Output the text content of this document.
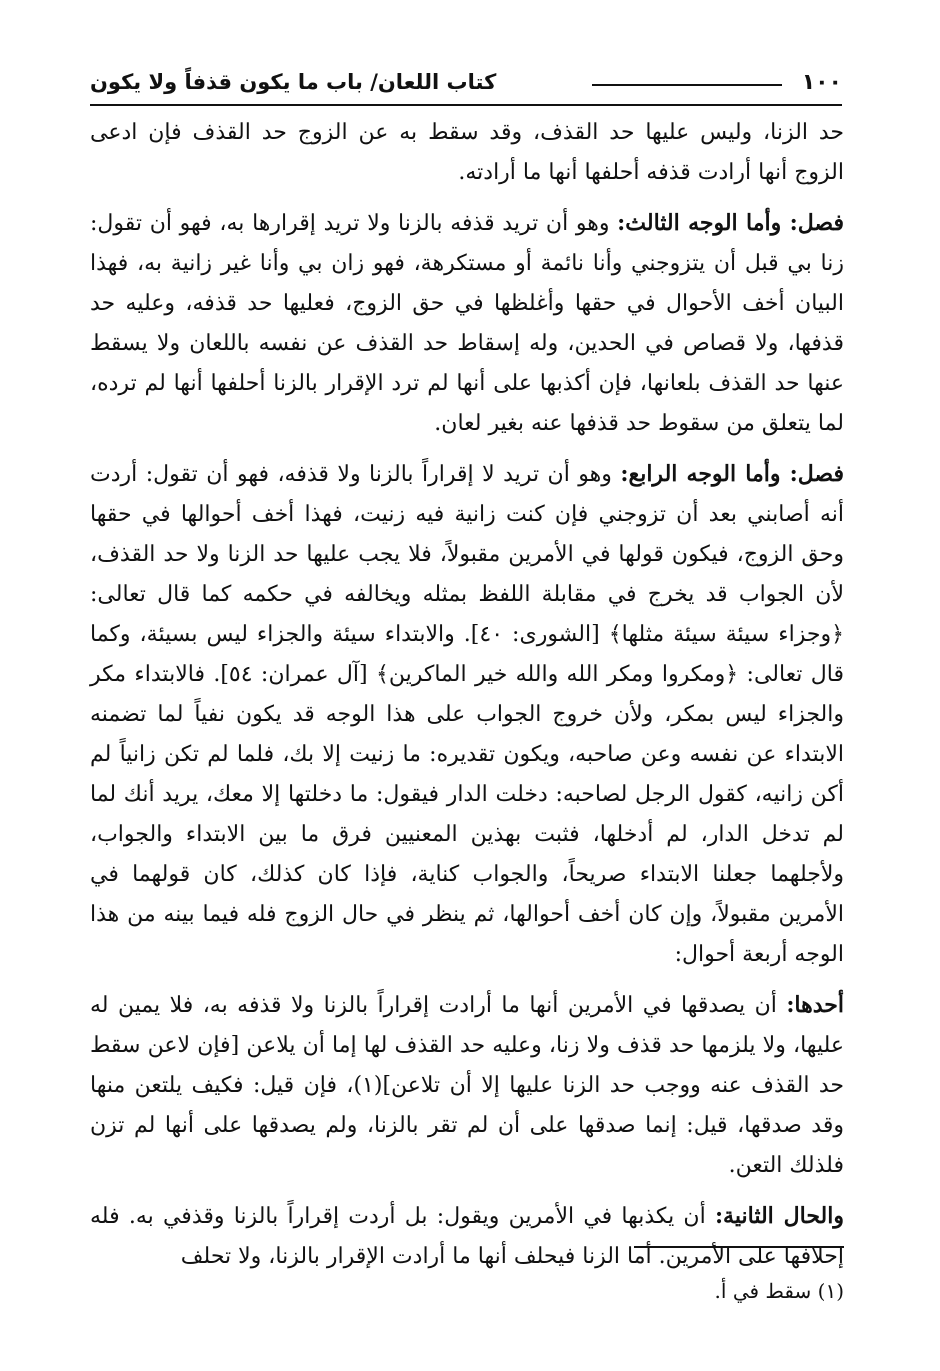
١٠٠
كتاب اللعان/ باب ما يكون قذفاً ولا يكون

حد الزنا، وليس عليها حد القذف، وقد سقط به عن الزوج حد القذف فإن ادعى الزوج أنها أرادت قذفه أحلفها أنها ما أرادته.

فصل: وأما الوجه الثالث: وهو أن تريد قذفه بالزنا ولا تريد إقرارها به، فهو أن تقول: زنا بي قبل أن يتزوجني وأنا نائمة أو مستكرهة، فهو زان بي وأنا غير زانية به، فهذا البيان أخف الأحوال في حقها وأغلظها في حق الزوج، فعليها حد قذفه، وعليه حد قذفها، ولا قصاص في الحدين، وله إسقاط حد القذف عن نفسه باللعان ولا يسقط عنها حد القذف بلعانها، فإن أكذبها على أنها لم ترد الإقرار بالزنا أحلفها أنها لم ترده، لما يتعلق من سقوط حد قذفها عنه بغير لعان.

فصل: وأما الوجه الرابع: وهو أن تريد لا إقراراً بالزنا ولا قذفه، فهو أن تقول: أردت أنه أصابني بعد أن تزوجني فإن كنت زانية فيه زنيت، فهذا أخف أحوالها في حقها وحق الزوج، فيكون قولها في الأمرين مقبولاً، فلا يجب عليها حد الزنا ولا حد القذف، لأن الجواب قد يخرج في مقابلة اللفظ بمثله ويخالفه في حكمه كما قال تعالى: ﴿وجزاء سيئة سيئة مثلها﴾ [الشورى: ٤٠]. والابتداء سيئة والجزاء ليس بسيئة، وكما قال تعالى: ﴿ومكروا ومكر الله والله خير الماكرين﴾ [آل عمران: ٥٤]. فالابتداء مكر والجزاء ليس بمكر، ولأن خروج الجواب على هذا الوجه قد يكون نفياً لما تضمنه الابتداء عن نفسه وعن صاحبه، ويكون تقديره: ما زنيت إلا بك، فلما لم تكن زانياً لم أكن زانيه، كقول الرجل لصاحبه: دخلت الدار فيقول: ما دخلتها إلا معك، يريد أنك لما لم تدخل الدار، لم أدخلها، فثبت بهذين المعنيين فرق ما بين الابتداء والجواب، ولأجلهما جعلنا الابتداء صريحاً، والجواب كناية، فإذا كان كذلك، كان قولهما في الأمرين مقبولاً، وإن كان أخف أحوالها، ثم ينظر في حال الزوج فله فيما بينه من هذا الوجه أربعة أحوال:

أحدها: أن يصدقها في الأمرين أنها ما أرادت إقراراً بالزنا ولا قذفه به، فلا يمين له عليها، ولا يلزمها حد قذف ولا زنا، وعليه حد القذف لها إما أن يلاعن [فإن لاعن سقط حد القذف عنه ووجب حد الزنا عليها إلا أن تلاعن](١)، فإن قيل: فكيف يلتعن منها وقد صدقها، قيل: إنما صدقها على أن لم تقر بالزنا، ولم يصدقها على أنها لم تزن فلذلك التعن.

والحال الثانية: أن يكذبها في الأمرين ويقول: بل أردت إقراراً بالزنا وقذفي به. فله إحلافها على الأمرين. أما الزنا فيحلف أنها ما أرادت الإقرار بالزنا، ولا تحلف

(١) سقط في أ.
